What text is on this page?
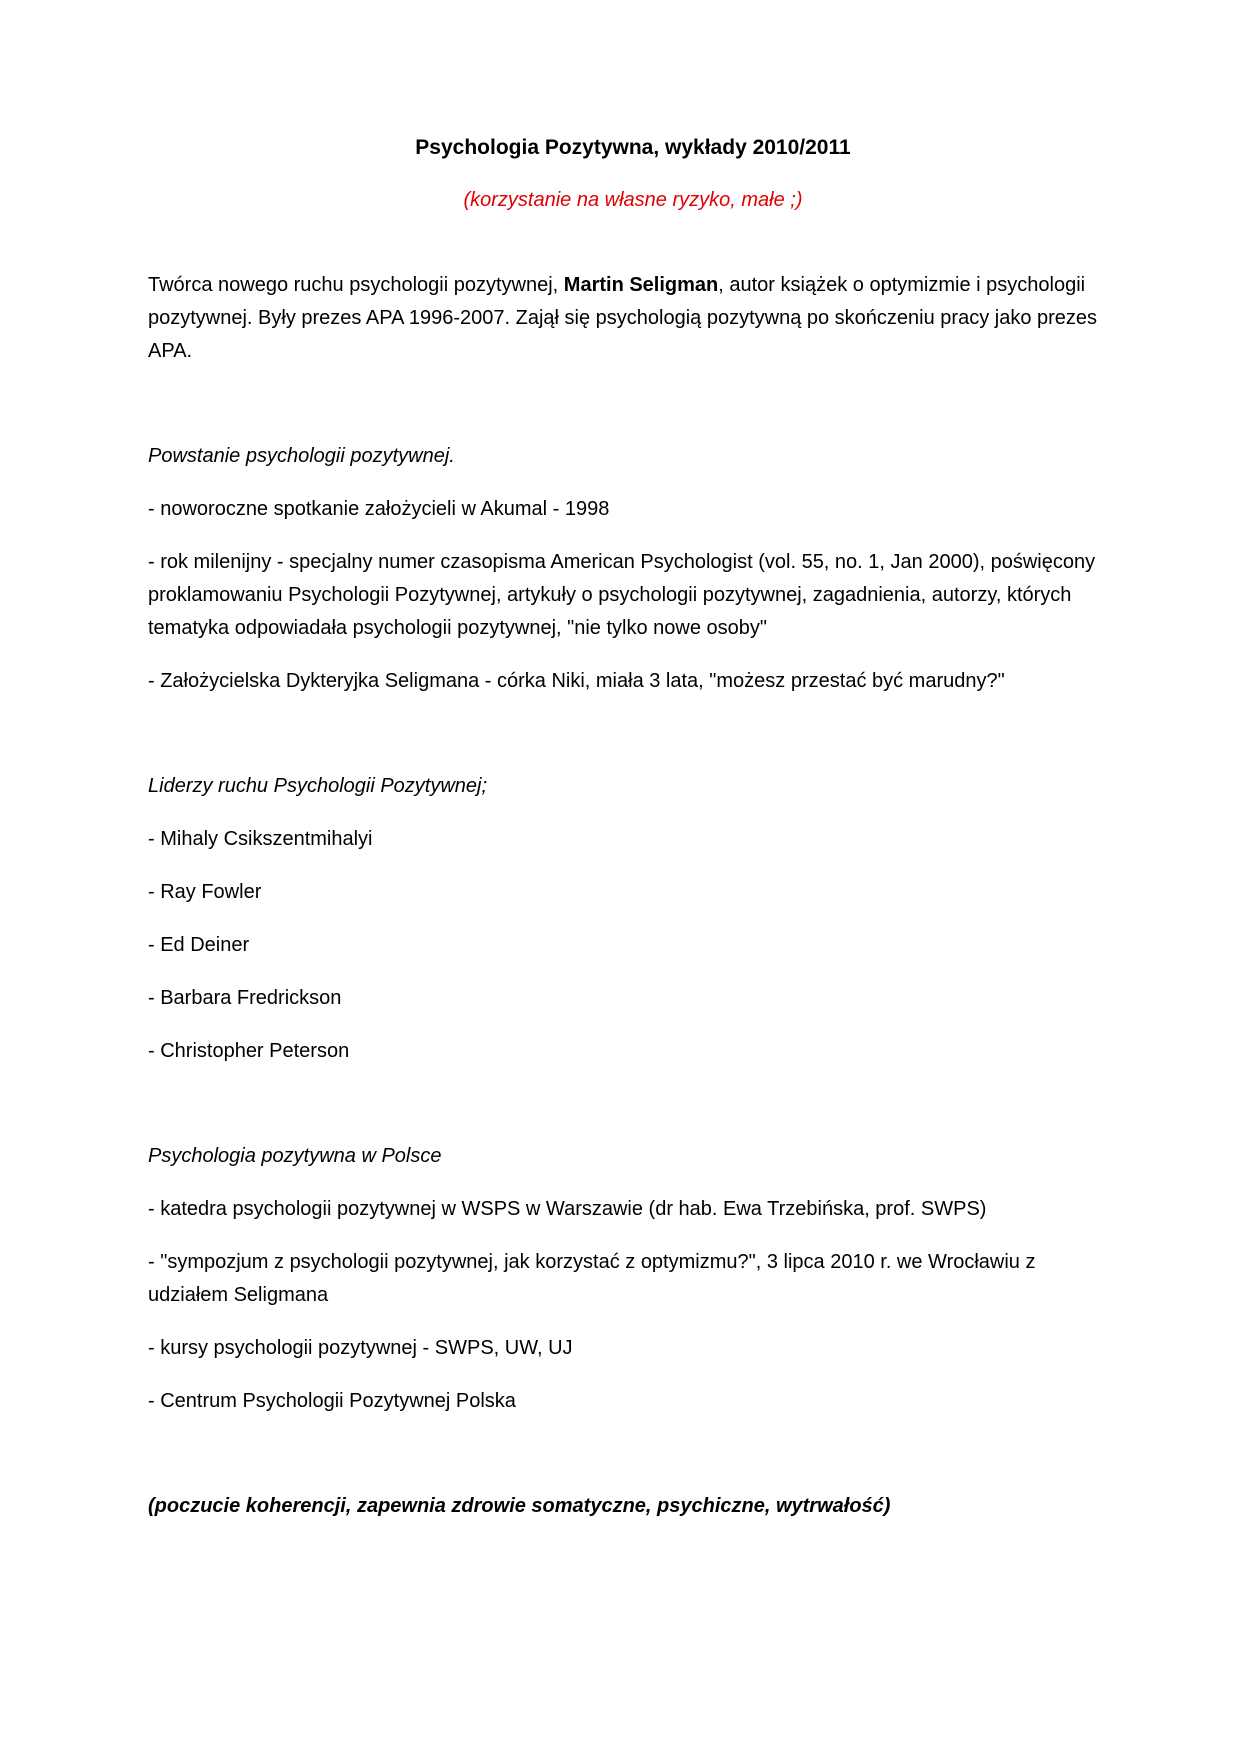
Psychologia Pozytywna, wykłady 2010/2011
(korzystanie na własne ryzyko, małe ;)

Twórca nowego ruchu psychologii pozytywnej, Martin Seligman, autor książek o optymizmie i psychologii pozytywnej. Były prezes APA 1996-2007. Zajął się psychologią pozytywną po skończeniu pracy jako prezes APA.

Powstanie psychologii pozytywnej.

- noworoczne spotkanie założycieli w Akumal - 1998

- rok milenijny - specjalny numer czasopisma American Psychologist (vol. 55, no. 1, Jan 2000), poświęcony proklamowaniu Psychologii Pozytywnej, artykuły o psychologii pozytywnej, zagadnienia, autorzy, których tematyka odpowiadała psychologii pozytywnej, "nie tylko nowe osoby"

- Założycielska Dykteryjka Seligmana - córka Niki, miała 3 lata, "możesz przestać być marudny?"

Liderzy ruchu Psychologii Pozytywnej;

- Mihaly Csikszentmihalyi

- Ray Fowler

- Ed Deiner

- Barbara Fredrickson

- Christopher Peterson

Psychologia pozytywna w Polsce

- katedra psychologii pozytywnej w WSPS w Warszawie (dr hab. Ewa Trzebińska, prof. SWPS)

- "sympozjum z psychologii pozytywnej, jak korzystać z optymizmu?", 3 lipca 2010 r. we Wrocławiu z udziałem Seligmana

- kursy psychologii pozytywnej - SWPS, UW, UJ

- Centrum Psychologii Pozytywnej Polska

(poczucie koherencji, zapewnia zdrowie somatyczne, psychiczne, wytrwałość)
